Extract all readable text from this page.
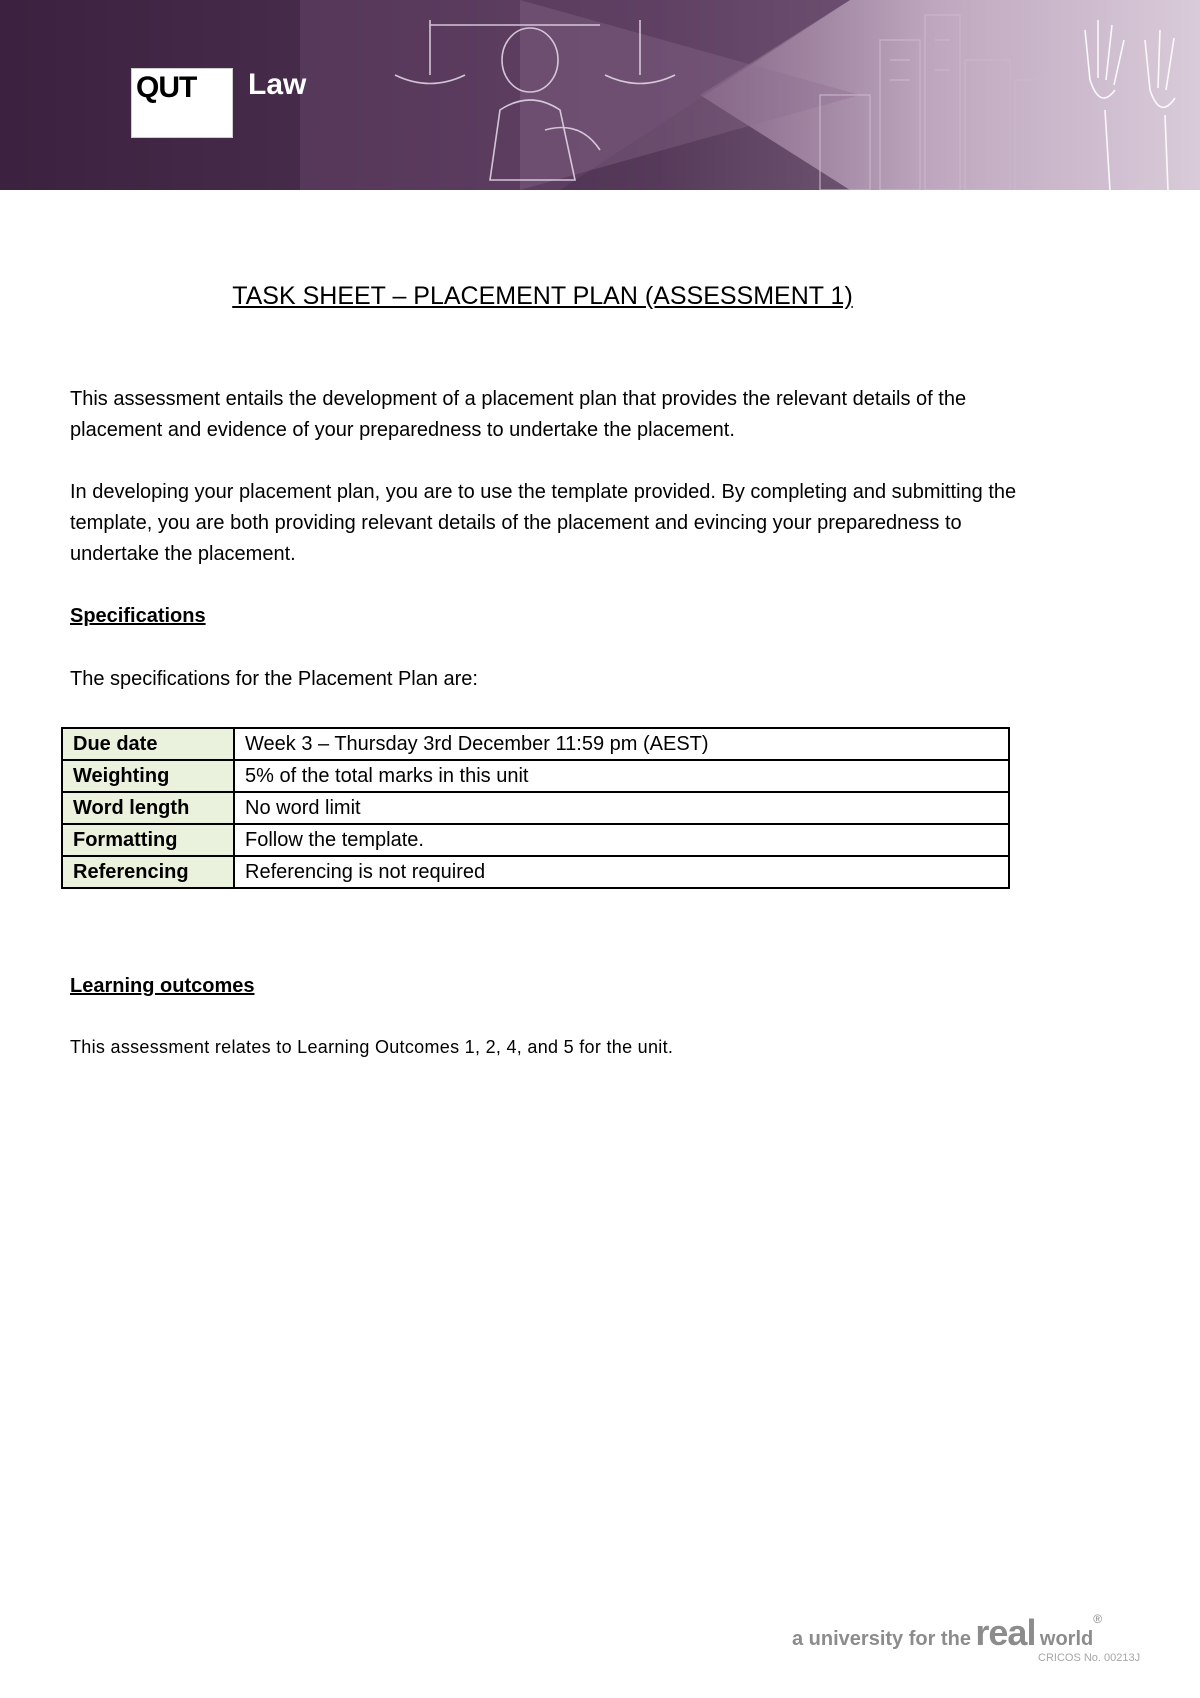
QUT Law
TASK SHEET – PLACEMENT PLAN (ASSESSMENT 1)

This assessment entails the development of a placement plan that provides the relevant details of the placement and evidence of your preparedness to undertake the placement.

In developing your placement plan, you are to use the template provided. By completing and submitting the template, you are both providing relevant details of the placement and evincing your preparedness to undertake the placement.

Specifications

The specifications for the Placement Plan are:

Due date	Week 3 – Thursday 3rd December 11:59 pm (AEST)
Weighting	5% of the total marks in this unit
Word length	No word limit
Formatting	Follow the template.
Referencing	Referencing is not required

Learning outcomes

This assessment relates to Learning Outcomes 1, 2, 4, and 5 for the unit.

a university for the real world®
CRICOS No. 00213J
